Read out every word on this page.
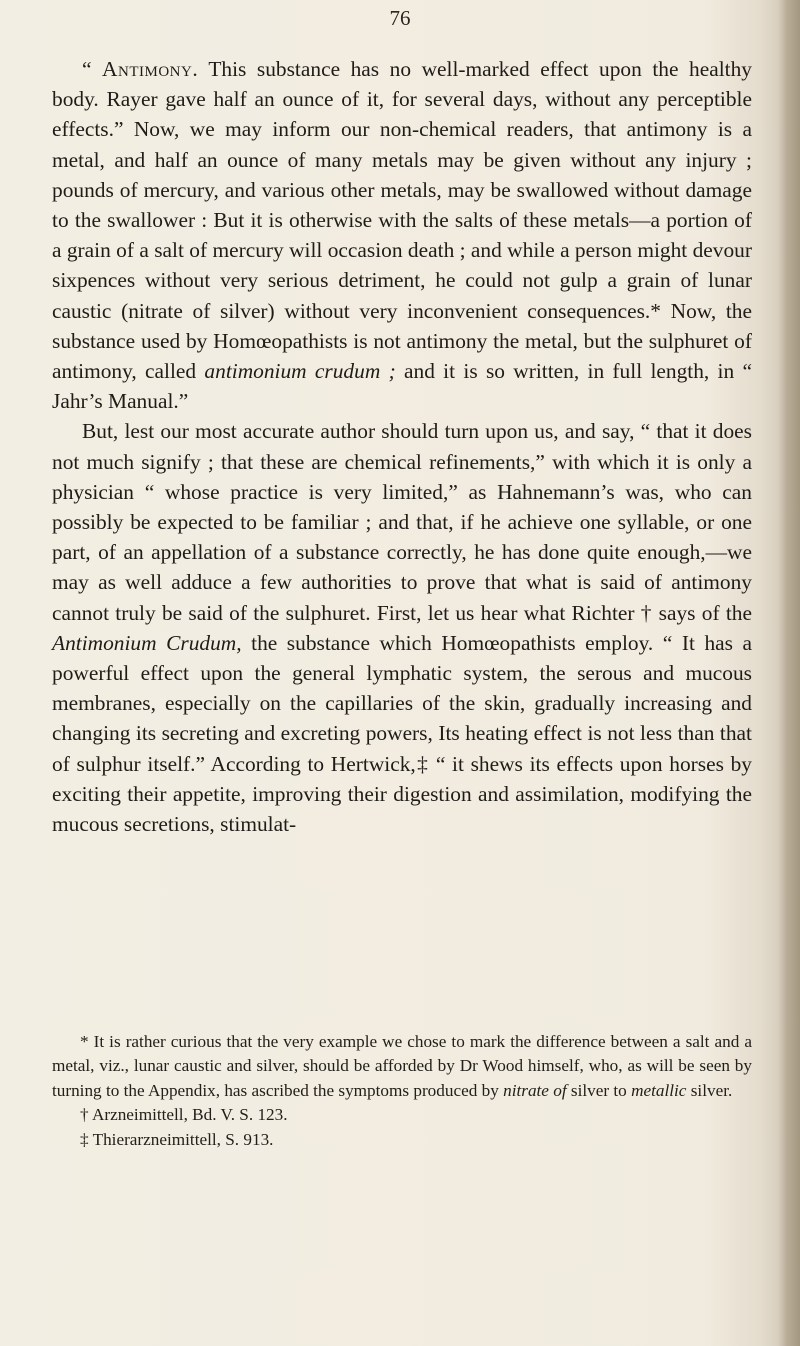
76

“ Antimony. This substance has no well-marked effect upon the healthy body. Rayer gave half an ounce of it, for several days, without any perceptible effects.” Now, we may inform our non-chemical readers, that antimony is a metal, and half an ounce of many metals may be given without any injury ; pounds of mercury, and various other metals, may be swallowed without damage to the swallower : But it is otherwise with the salts of these metals—a portion of a grain of a salt of mercury will occasion death ; and while a person might devour sixpences without very serious detriment, he could not gulp a grain of lunar caustic (nitrate of silver) without very inconvenient consequences.* Now, the substance used by Homœopathists is not antimony the metal, but the sulphuret of antimony, called antimonium crudum ; and it is so written, in full length, in “ Jahr’s Manual.”

But, lest our most accurate author should turn upon us, and say, “ that it does not much signify ; that these are chemical refinements,” with which it is only a physician “ whose practice is very limited,” as Hahnemann’s was, who can possibly be expected to be familiar ; and that, if he achieve one syllable, or one part, of an appellation of a substance correctly, he has done quite enough,—we may as well adduce a few authorities to prove that what is said of antimony cannot truly be said of the sulphuret. First, let us hear what Richter † says of the Antimonium Crudum, the substance which Homœopathists employ. “ It has a powerful effect upon the general lymphatic system, the serous and mucous membranes, especially on the capillaries of the skin, gradually increasing and changing its secreting and excreting powers, Its heating effect is not less than that of sulphur itself.” According to Hertwick,‡ “ it shews its effects upon horses by exciting their appetite, improving their digestion and assimilation, modifying the mucous secretions, stimulat-

* It is rather curious that the very example we chose to mark the difference between a salt and a metal, viz., lunar caustic and silver, should be afforded by Dr Wood himself, who, as will be seen by turning to the Appendix, has ascribed the symptoms produced by nitrate of silver to metallic silver.

† Arzneimittell, Bd. V. S. 123.

‡ Thierarzneimittell, S. 913.
